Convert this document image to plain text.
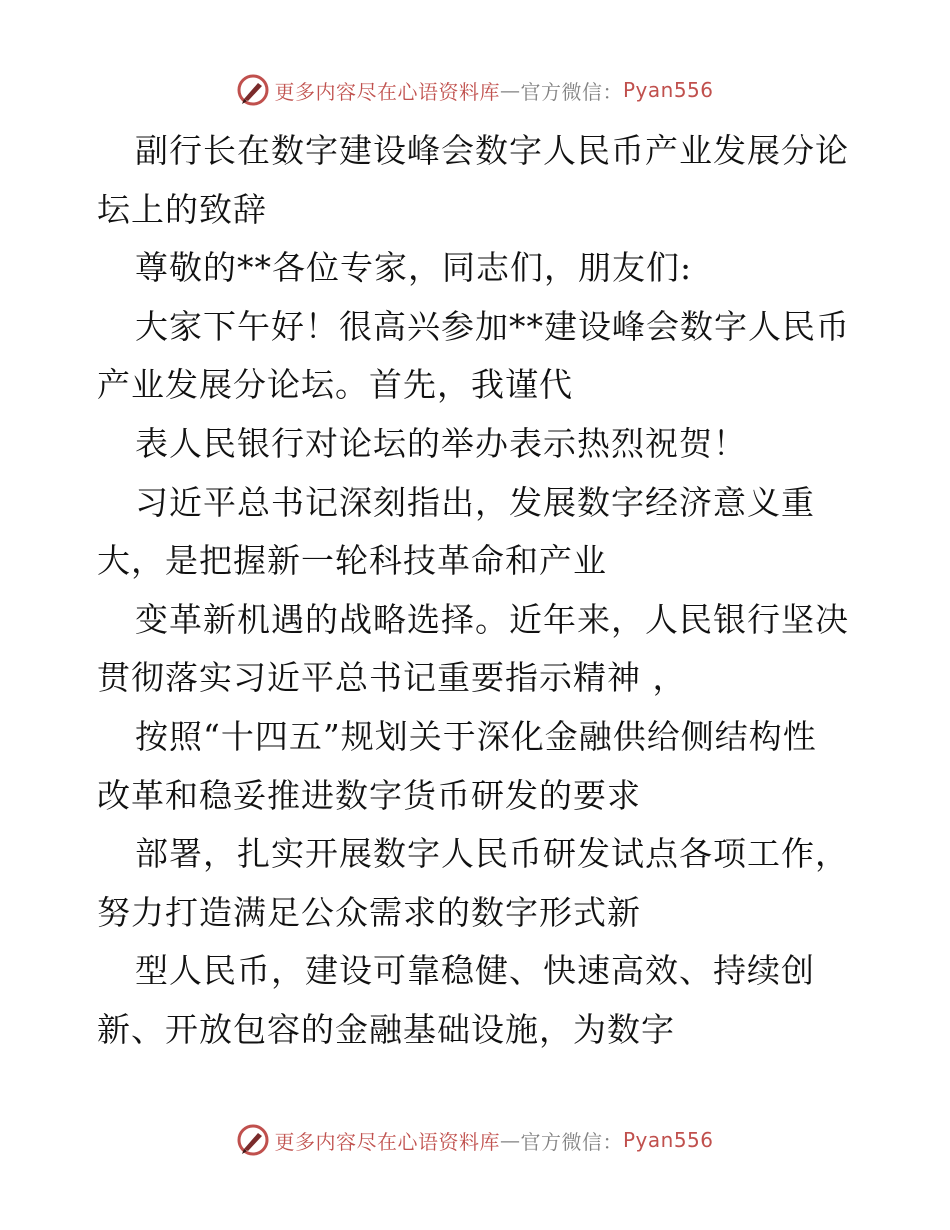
更多内容尽在心语资料库 — 官方微信： Pyan556
副行长在数字建设峰会数字人民币产业发展分论
坛上的致辞
尊敬的**各位专家，同志们，朋友们:
大家下午好！很高兴参加**建设峰会数字人民币
产业发展分论坛。首先，我谨代
表人民银行对论坛的举办表示热烈祝贺！
习近平总书记深刻指出，发展数字经济意义重
大，是把握新一轮科技革命和产业
变革新机遇的战略选择。近年来，人民银行坚决
贯彻落实习近平总书记重要指示精神 ，
按照“十四五”规划关于深化金融供给侧结构性
改革和稳妥推进数字货币研发的要求
部署，扎实开展数字人民币研发试点各项工作，
努力打造满足公众需求的数字形式新
型人民币，建设可靠稳健、快速高效、持续创
新、开放包容的金融基础设施，为数字
更多内容尽在心语资料库 — 官方微信： Pyan556
